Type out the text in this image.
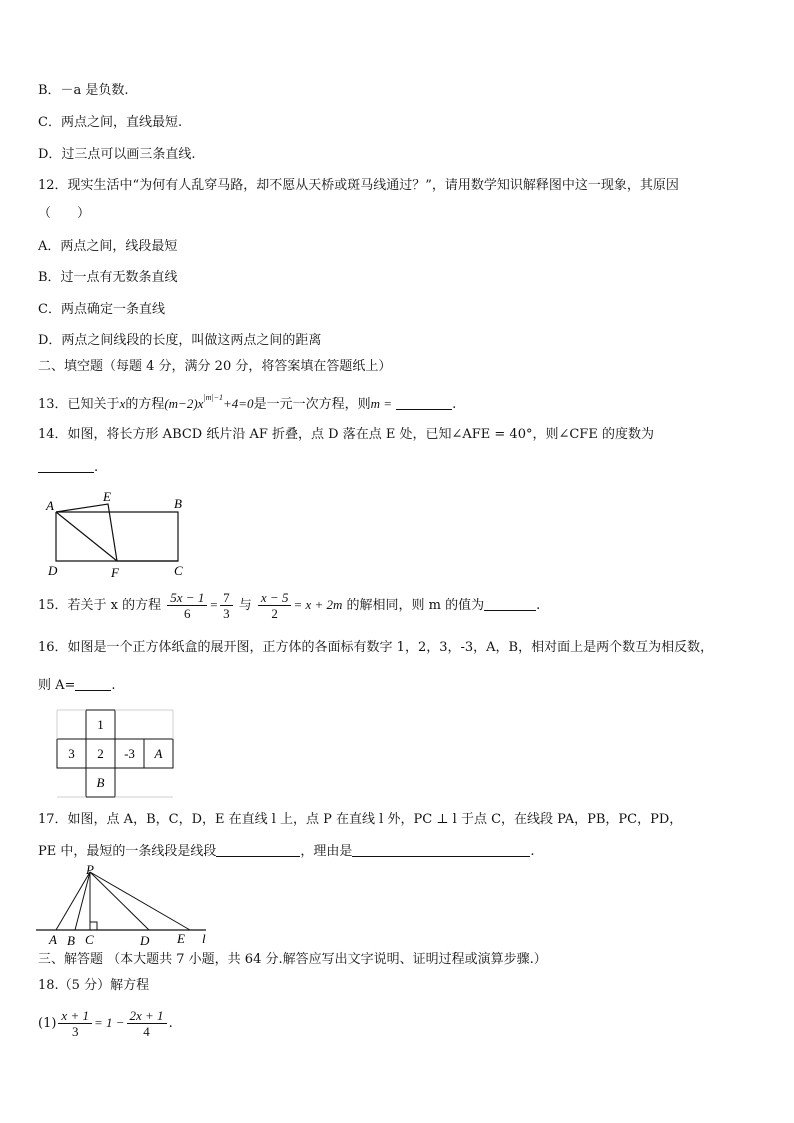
B．－a 是负数.
C．两点之间，直线最短.
D．过三点可以画三条直线.
12．现实生活中“为何有人乱穿马路，却不愿从天桥或斑马线通过？”，请用数学知识解释图中这一现象，其原因
（　　）
A．两点之间，线段最短
B．过一点有无数条直线
C．两点确定一条直线
D．两点之间线段的长度，叫做这两点之间的距离
二、填空题（每题 4 分，满分 20 分，将答案填在答题纸上）
13．已知关于x的方程$(m-2)x^{|m|-1}+4=0$是一元一次方程，则m =	.
14．如图，将长方形 ABCD 纸片沿 AF 折叠，点 D 落在点 E 处，已知∠AFE = 40°，则∠CFE 的度数为
.
A
E	B
D	F	C
15．若关于 x 的方程 $\frac{5x - 1}{6} = \frac{7}{3}$ 与 $\frac{x - 5}{2} = x + 2m$ 的解相同，则 m 的值为	.
16．如图是一个正方体纸盒的展开图，正方体的各面标有数字 1，2，3，-3，A，B，相对面上是两个数互为相反数，
则 A=	.
1
3 2 -3 A
B
17．如图，点 A，B，C，D，E 在直线 l 上，点 P 在直线 l 外，PC ⊥ l 于点 C，在线段 PA，PB，PC，PD，
PE 中，最短的一条线段是线段	，理由是	.
P
A B C	D E l
三、解答题 （本大题共 7 小题，共 64 分.解答应写出文字说明、证明过程或演算步骤.）
18.（5 分）解方程
$(1) \frac{x + 1}{3} = 1 - \frac{2x + 1}{4}$ .
